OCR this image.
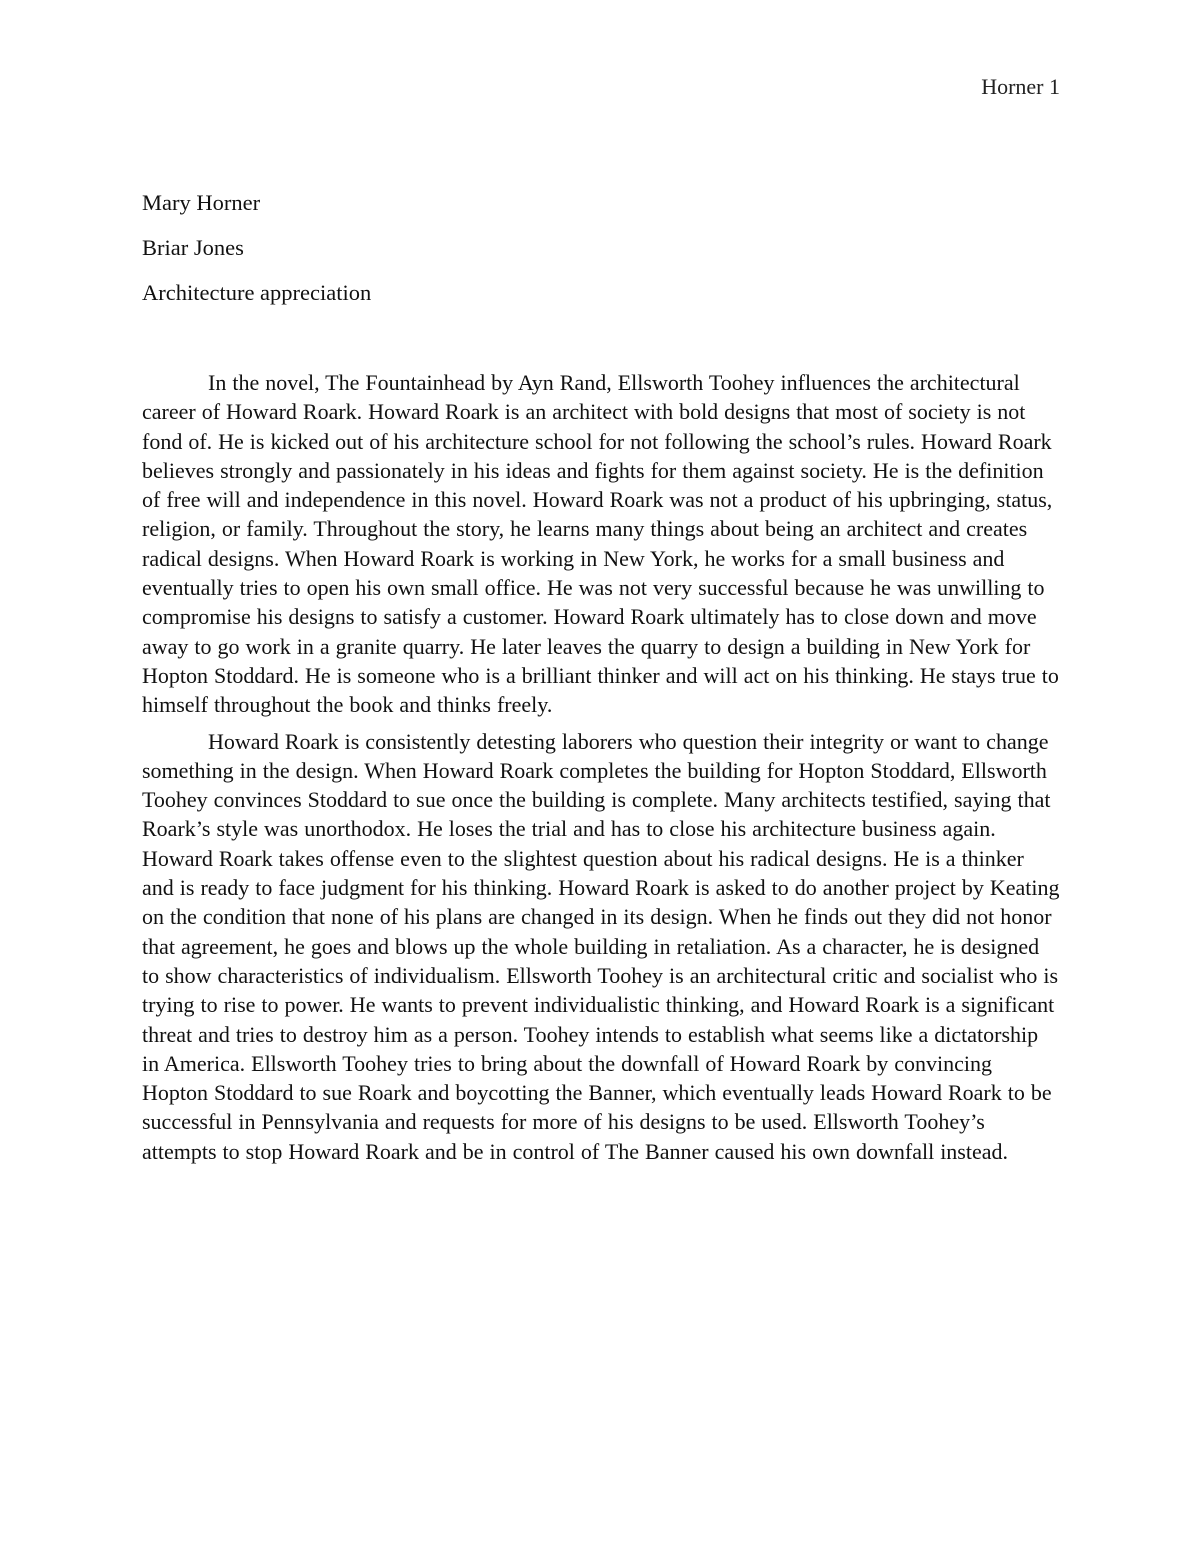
Horner 1

Mary Horner

Briar Jones

Architecture appreciation

In the novel, The Fountainhead by Ayn Rand, Ellsworth Toohey influences the architectural career of Howard Roark. Howard Roark is an architect with bold designs that most of society is not fond of. He is kicked out of his architecture school for not following the school’s rules. Howard Roark believes strongly and passionately in his ideas and fights for them against society. He is the definition of free will and independence in this novel. Howard Roark was not a product of his upbringing, status, religion, or family. Throughout the story, he learns many things about being an architect and creates radical designs. When Howard Roark is working in New York, he works for a small business and eventually tries to open his own small office. He was not very successful because he was unwilling to compromise his designs to satisfy a customer. Howard Roark ultimately has to close down and move away to go work in a granite quarry. He later leaves the quarry to design a building in New York for Hopton Stoddard. He is someone who is a brilliant thinker and will act on his thinking. He stays true to himself throughout the book and thinks freely.

Howard Roark is consistently detesting laborers who question their integrity or want to change something in the design. When Howard Roark completes the building for Hopton Stoddard, Ellsworth Toohey convinces Stoddard to sue once the building is complete. Many architects testified, saying that Roark’s style was unorthodox. He loses the trial and has to close his architecture business again. Howard Roark takes offense even to the slightest question about his radical designs. He is a thinker and is ready to face judgment for his thinking. Howard Roark is asked to do another project by Keating on the condition that none of his plans are changed in its design. When he finds out they did not honor that agreement, he goes and blows up the whole building in retaliation. As a character, he is designed to show characteristics of individualism. Ellsworth Toohey is an architectural critic and socialist who is trying to rise to power. He wants to prevent individualistic thinking, and Howard Roark is a significant threat and tries to destroy him as a person. Toohey intends to establish what seems like a dictatorship in America. Ellsworth Toohey tries to bring about the downfall of Howard Roark by convincing Hopton Stoddard to sue Roark and boycotting the Banner, which eventually leads Howard Roark to be successful in Pennsylvania and requests for more of his designs to be used. Ellsworth Toohey’s attempts to stop Howard Roark and be in control of The Banner caused his own downfall instead.
